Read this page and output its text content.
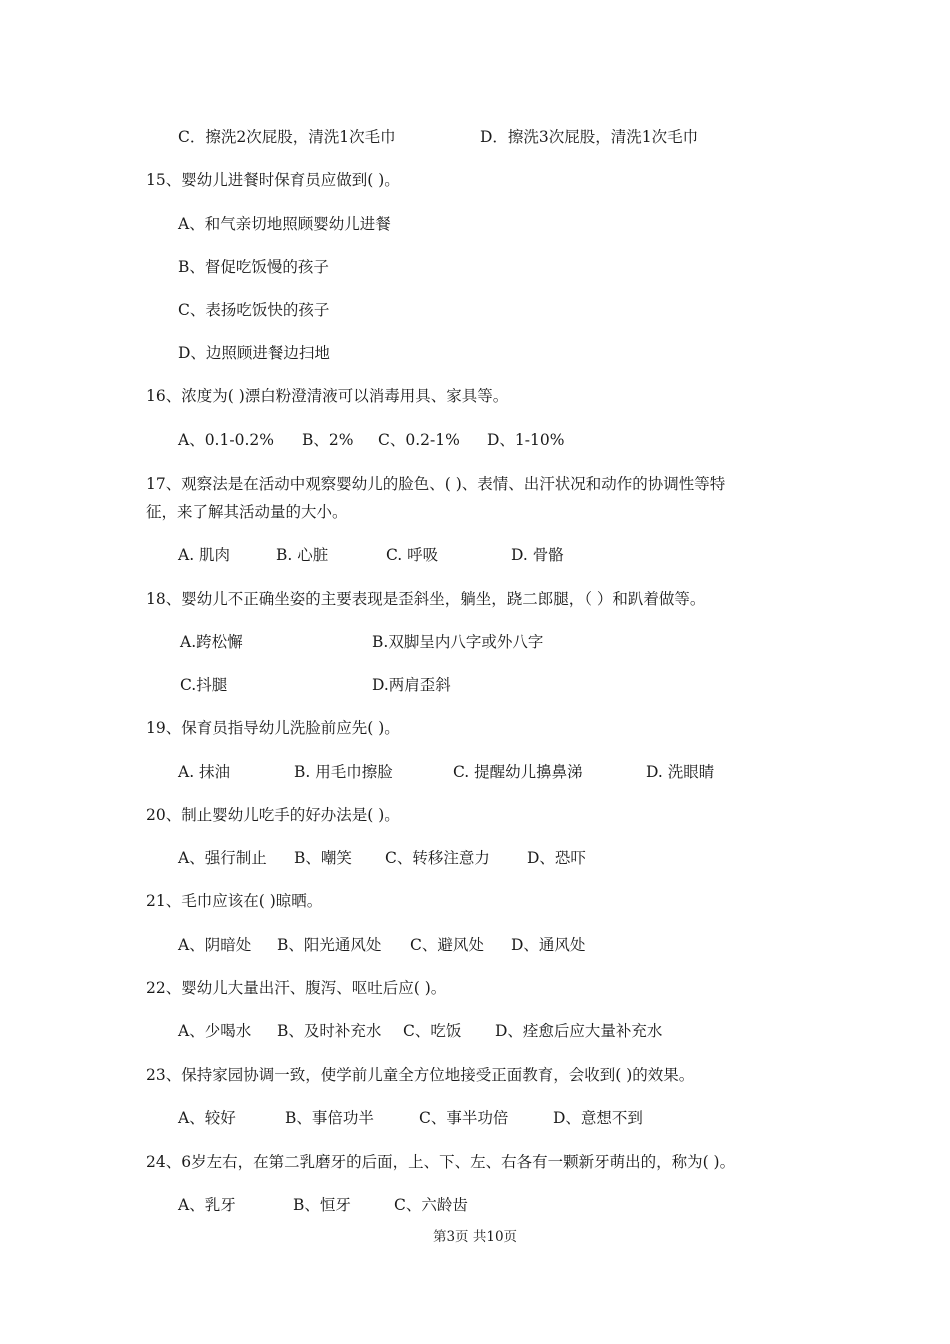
C．擦洗2次屁股，清洗1次毛巾	D．擦洗3次屁股，清洗1次毛巾
15、婴幼儿进餐时保育员应做到( )。
A、和气亲切地照顾婴幼儿进餐
B、督促吃饭慢的孩子
C、表扬吃饭快的孩子
D、边照顾进餐边扫地
16、浓度为( )漂白粉澄清液可以消毒用具、家具等。
A、0.1-0.2% B、2% C、0.2-1% D、1-10%
17、观察法是在活动中观察婴幼儿的脸色、( )、表情、出汗状况和动作的协调性等特
征，来了解其活动量的大小。
A. 肌肉	B. 心脏	C. 呼吸	D. 骨骼
18、婴幼儿不正确坐姿的主要表现是歪斜坐，躺坐，跷二郎腿，（ ）和趴着做等。
A.跨松懈	B.双脚呈内八字或外八字
C.抖腿	D.两肩歪斜
19、保育员指导幼儿洗脸前应先( )。
A. 抹油	B. 用毛巾擦脸	C. 提醒幼儿擤鼻涕	D. 洗眼睛
20、制止婴幼儿吃手的好办法是( )。
A、强行制止 B、嘲笑 C、转移注意力 D、恐吓
21、毛巾应该在( )晾晒。
A、阴暗处 B、阳光通风处 C、避风处 D、通风处
22、婴幼儿大量出汗、腹泻、呕吐后应( )。
A、少喝水 B、及时补充水 C、吃饭 D、痊愈后应大量补充水
23、保持家园协调一致，使学前儿童全方位地接受正面教育，会收到( )的效果。
A、较好	B、事倍功半	C、事半功倍	D、意想不到
24、6岁左右，在第二乳磨牙的后面，上、下、左、右各有一颗新牙萌出的，称为( )。
A、乳牙	B、恒牙	C、六龄齿
第3页 共10页
